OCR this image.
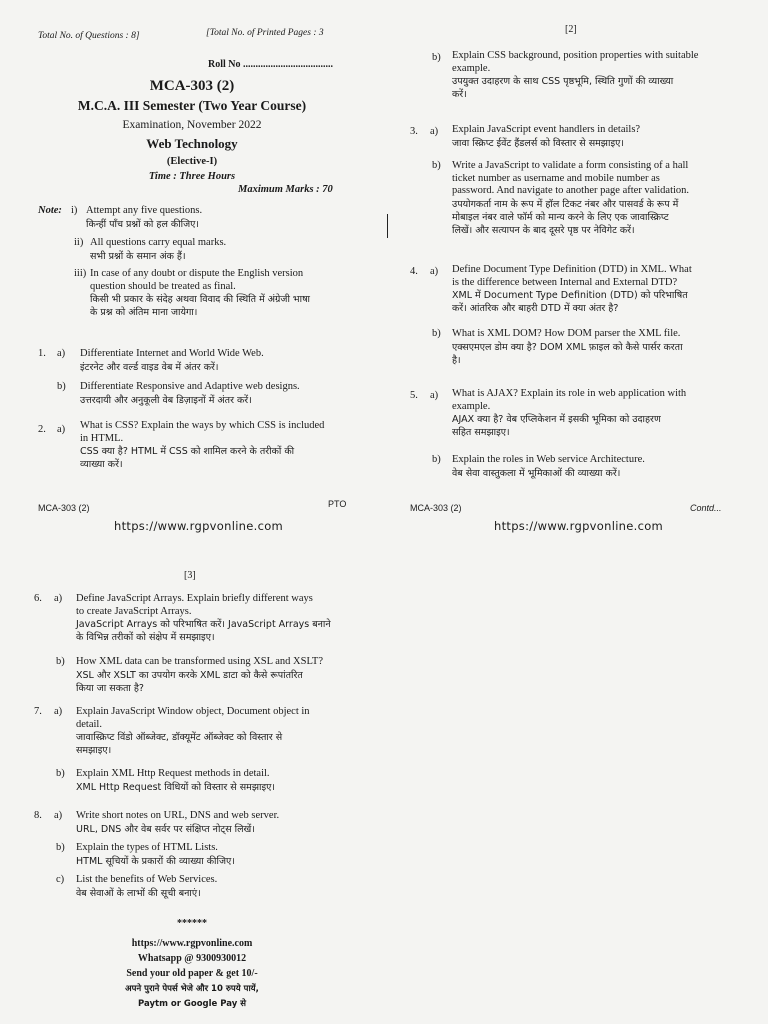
Total No. of Questions : 8]	[Total No. of Printed Pages : 3
Roll No ....................................
MCA-303 (2)
M.C.A. III Semester (Two Year Course)
Examination, November 2022
Web Technology
(Elective-I)
Time : Three Hours
Maximum Marks : 70
Note: i) Attempt any five questions.
किन्हीं पाँच प्रश्नों को हल कीजिए।
ii) All questions carry equal marks.
सभी प्रश्नों के समान अंक हैं।
iii) In case of any doubt or dispute the English version
question should be treated as final.
किसी भी प्रकार के संदेह अथवा विवाद की स्थिति में अंग्रेजी भाषा
के प्रश्न को अंतिम माना जायेगा।
1. a) Differentiate Internet and World Wide Web.
इंटरनेट और वर्ल्ड वाइड वेब में अंतर करें।
b) Differentiate Responsive and Adaptive web designs.
उत्तरदायी और अनुकूली वेब डिज़ाइनों में अंतर करें।
2. a) What is CSS? Explain the ways by which CSS is included
in HTML.
CSS क्या है? HTML में CSS को शामिल करने के तरीकों की
व्याख्या करें।
MCA-303 (2)	PTO
https://www.rgpvonline.com
[2]
b) Explain CSS background, position properties with suitable
example.
उपयुक्त उदाहरण के साथ CSS पृष्ठभूमि, स्थिति गुणों की व्याख्या
करें।
3. a) Explain JavaScript event handlers in details?
जावा स्क्रिप्ट ईवेंट हैंडलर्स को विस्तार से समझाइए।
b) Write a JavaScript to validate a form consisting of a hall
ticket number as username and mobile number as
password. And navigate to another page after validation.
उपयोगकर्ता नाम के रूप में हॉल टिकट नंबर और पासवर्ड के रूप में
मोबाइल नंबर वाले फॉर्म को मान्य करने के लिए एक जावास्क्रिप्ट
लिखें। और सत्यापन के बाद दूसरे पृष्ठ पर नेविगेट करें।
4. a) Define Document Type Definition (DTD) in XML. What
is the difference between Internal and External DTD?
XML में Document Type Definition (DTD) को परिभाषित
करें। आंतरिक और बाहरी DTD में क्या अंतर है?
b) What is XML DOM? How DOM parser the XML file.
एक्सएमएल डोम क्या है? DOM XML फ़ाइल को कैसे पार्सर करता
है।
5. a) What is AJAX? Explain its role in web application with
example.
AJAX क्या है? वेब एप्लिकेशन में इसकी भूमिका को उदाहरण
सहित समझाइए।
b) Explain the roles in Web service Architecture.
वेब सेवा वास्तुकला में भूमिकाओं की व्याख्या करें।
MCA-303 (2)	Contd...
https://www.rgpvonline.com
[3]
6. a) Define JavaScript Arrays. Explain briefly different ways
to create JavaScript Arrays.
JavaScript Arrays को परिभाषित करें। JavaScript Arrays बनाने
के विभिन्न तरीकों को संक्षेप में समझाइए।
b) How XML data can be transformed using XSL and XSLT?
XSL और XSLT का उपयोग करके XML डाटा को कैसे रूपांतरित
किया जा सकता है?
7. a) Explain JavaScript Window object, Document object in
detail.
जावास्क्रिप्ट विंडो ऑब्जेक्ट, डॉक्यूमेंट ऑब्जेक्ट को विस्तार से
समझाइए।
b) Explain XML Http Request methods in detail.
XML Http Request विधियों को विस्तार से समझाइए।
8. a) Write short notes on URL, DNS and web server.
URL, DNS और वेब सर्वर पर संक्षिप्त नोट्स लिखें।
b) Explain the types of HTML Lists.
HTML सूचियों के प्रकारों की व्याख्या कीजिए।
c) List the benefits of Web Services.
वेब सेवाओं के लाभों की सूची बनाएं।
******
https://www.rgpvonline.com
Whatsapp @ 9300930012
Send your old paper & get 10/-
अपने पुराने पेपर्स भेजे और 10 रुपये पायें,
Paytm or Google Pay से
